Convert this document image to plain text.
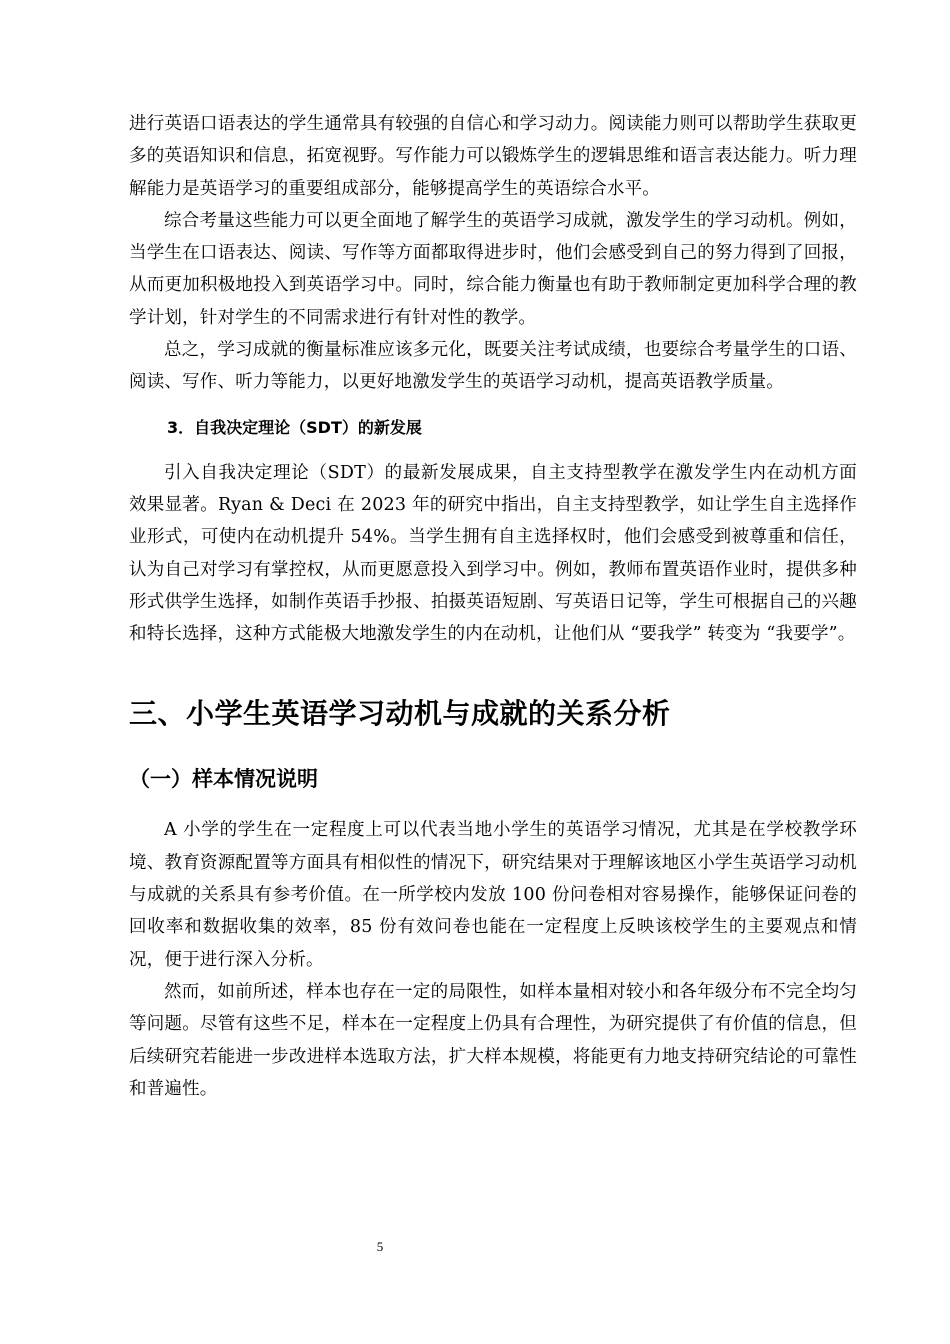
进行英语口语表达的学生通常具有较强的自信心和学习动力。阅读能力则可以帮助学生获取更多的英语知识和信息，拓宽视野。写作能力可以锻炼学生的逻辑思维和语言表达能力。听力理解能力是英语学习的重要组成部分，能够提高学生的英语综合水平。

综合考量这些能力可以更全面地了解学生的英语学习成就，激发学生的学习动机。例如，当学生在口语表达、阅读、写作等方面都取得进步时，他们会感受到自己的努力得到了回报，从而更加积极地投入到英语学习中。同时，综合能力衡量也有助于教师制定更加科学合理的教学计划，针对学生的不同需求进行有针对性的教学。

总之，学习成就的衡量标准应该多元化，既要关注考试成绩，也要综合考量学生的口语、阅读、写作、听力等能力，以更好地激发学生的英语学习动机，提高英语教学质量。

3．自我决定理论（SDT）的新发展

引入自我决定理论（SDT）的最新发展成果，自主支持型教学在激发学生内在动机方面效果显著。Ryan & Deci 在 2023 年的研究中指出，自主支持型教学，如让学生自主选择作业形式，可使内在动机提升 54%。当学生拥有自主选择权时，他们会感受到被尊重和信任，认为自己对学习有掌控权，从而更愿意投入到学习中。例如，教师布置英语作业时，提供多种形式供学生选择，如制作英语手抄报、拍摄英语短剧、写英语日记等，学生可根据自己的兴趣和特长选择，这种方式能极大地激发学生的内在动机，让他们从 “要我学” 转变为 “我要学”。

三、小学生英语学习动机与成就的关系分析
（一）样本情况说明

A 小学的学生在一定程度上可以代表当地小学生的英语学习情况，尤其是在学校教学环境、教育资源配置等方面具有相似性的情况下，研究结果对于理解该地区小学生英语学习动机与成就的关系具有参考价值。在一所学校内发放 100 份问卷相对容易操作，能够保证问卷的回收率和数据收集的效率，85 份有效问卷也能在一定程度上反映该校学生的主要观点和情况，便于进行深入分析。

然而，如前所述，样本也存在一定的局限性，如样本量相对较小和各年级分布不完全均匀等问题。尽管有这些不足，样本在一定程度上仍具有合理性，为研究提供了有价值的信息，但后续研究若能进一步改进样本选取方法，扩大样本规模，将能更有力地支持研究结论的可靠性和普遍性。

5
